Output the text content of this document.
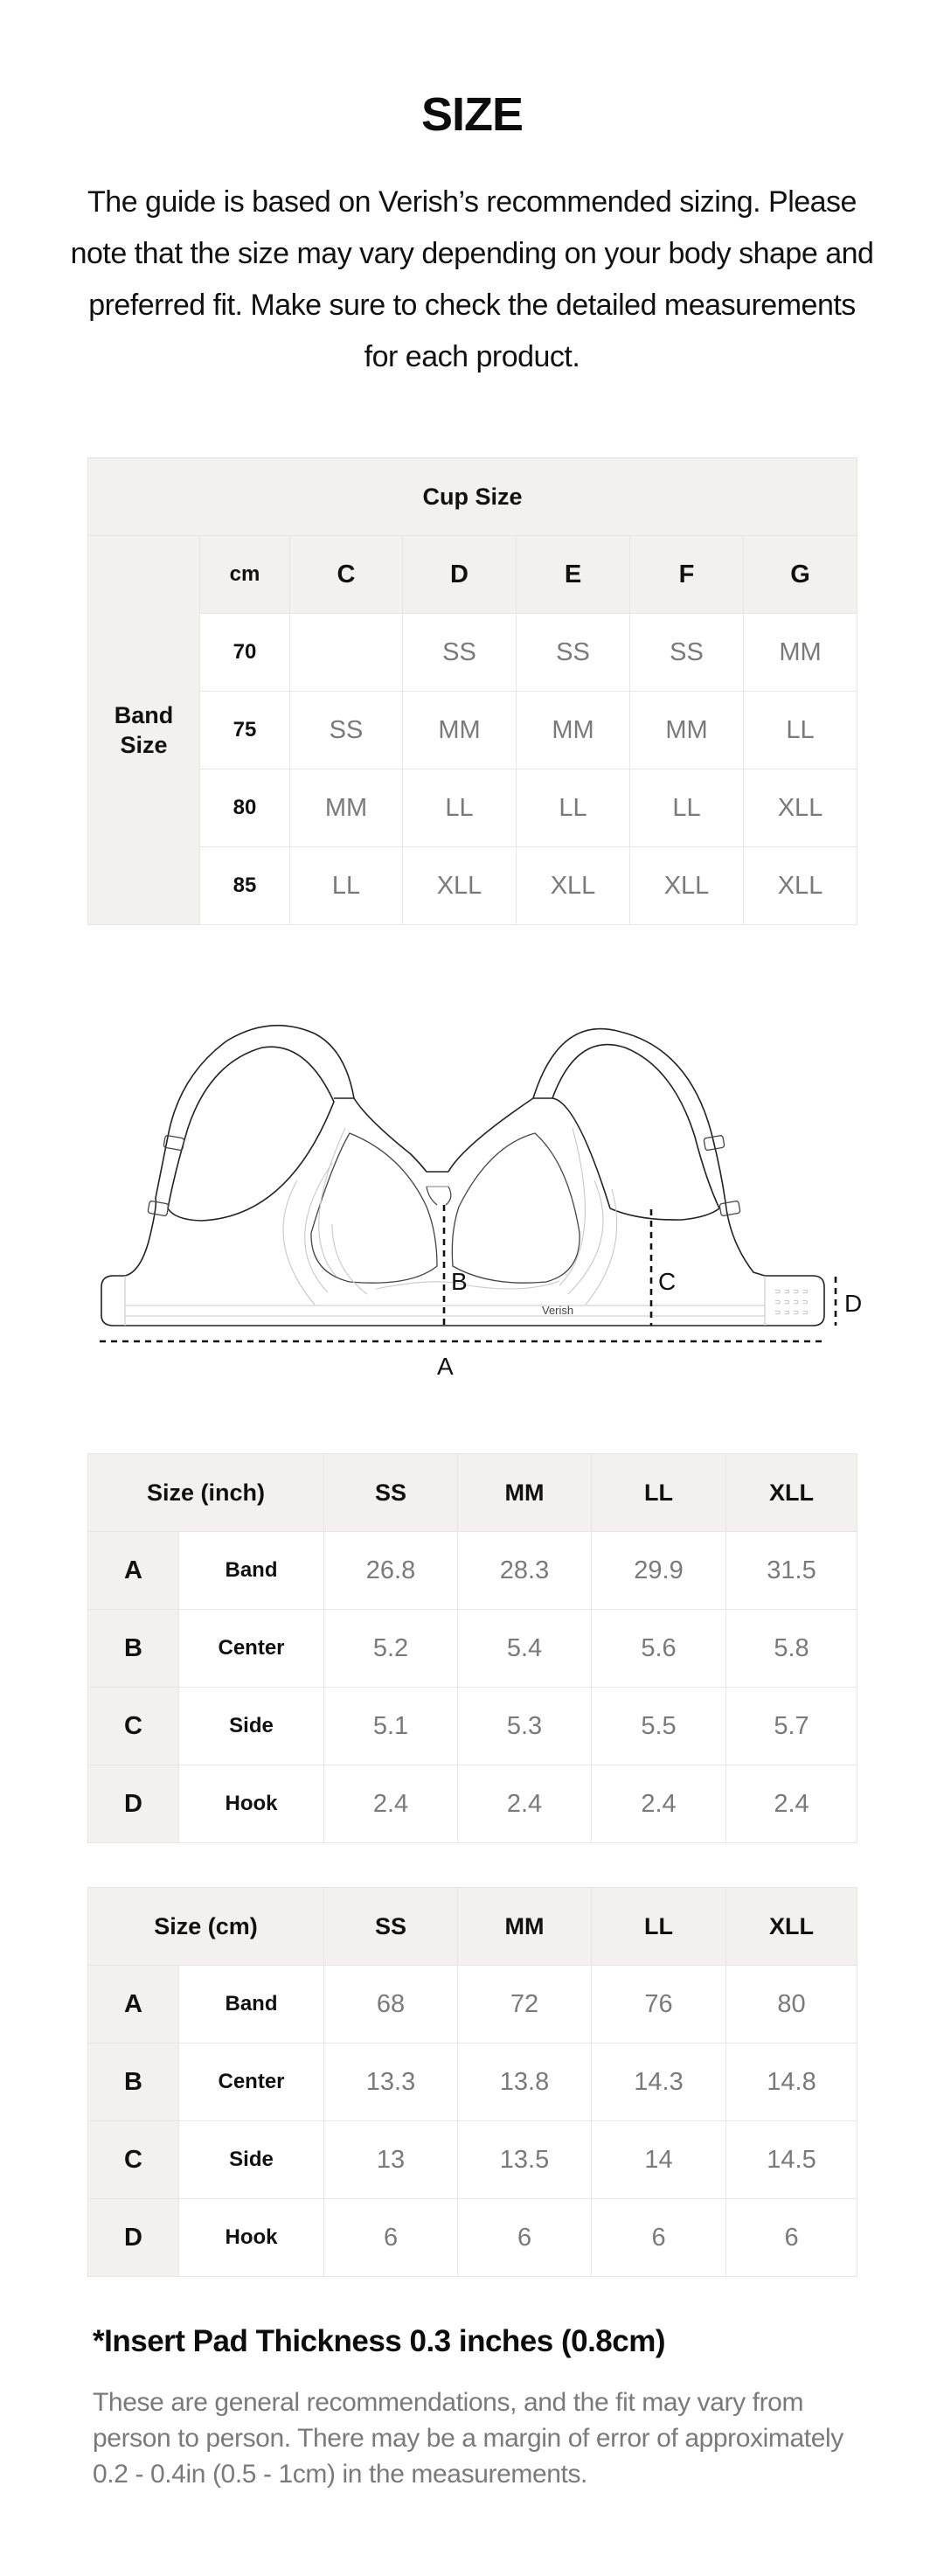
SIZE

The guide is based on Verish’s recommended sizing. Please note that the size may vary depending on your body shape and preferred fit. Make sure to check the detailed measurements for each product.

Cup Size						
Band Size	cm	C	D	E	F	G
	70		SS	SS	SS	MM
	75	SS	MM	MM	MM	LL
	80	MM	LL	LL	LL	XLL
	85	LL	XLL	XLL	XLL	XLL
⊃ ⊃ ⊃ ⊃
⊃ ⊃ ⊃ ⊃
⊃ ⊃ ⊃ ⊃
Verish
A
B	C
D
Size (inch)		SS	MM	LL	XLL
A	Band	26.8	28.3	29.9	31.5
B	Center	5.2	5.4	5.6	5.8
C	Side	5.1	5.3	5.5	5.7
D	Hook	2.4	2.4	2.4	2.4
Size (cm)		SS	MM	LL	XLL
A	Band	68	72	76	80
B	Center	13.3	13.8	14.3	14.8
C	Side	13	13.5	14	14.5
D	Hook	6	6	6	6

*Insert Pad Thickness 0.3 inches (0.8cm)

These are general recommendations, and the fit may vary from person to person. There may be a margin of error of approximately 0.2 - 0.4in (0.5 - 1cm) in the measurements.
